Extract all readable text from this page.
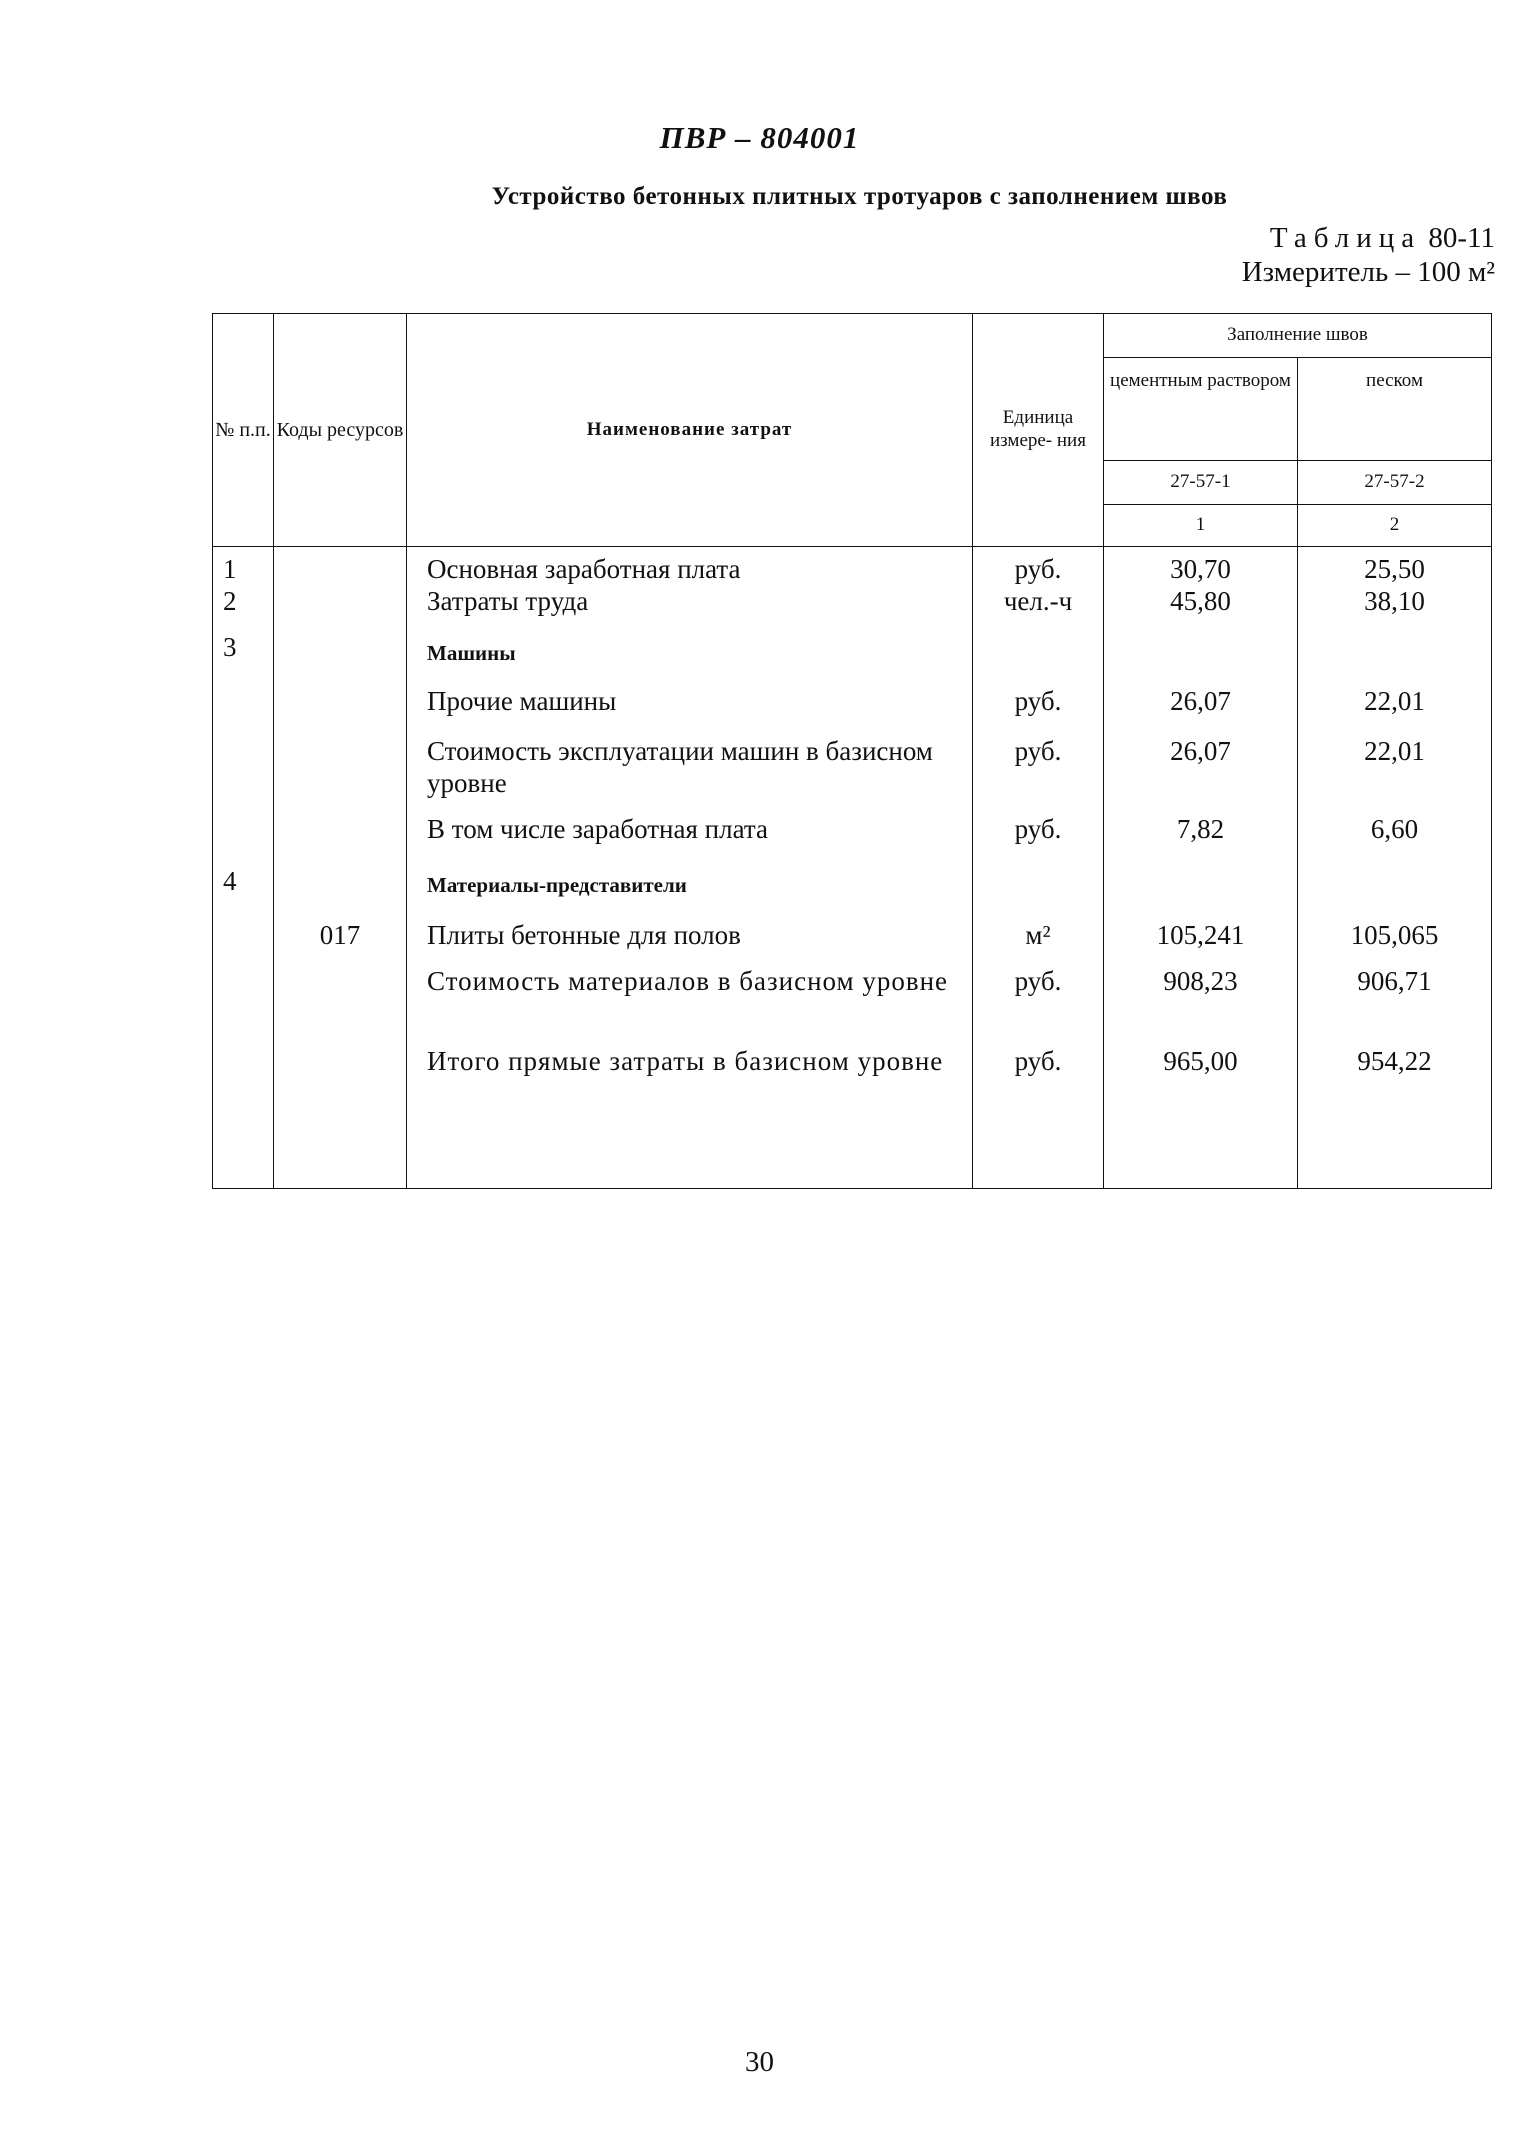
ПВР – 804001
Устройство бетонных плитных тротуаров с заполнением швов
Таблица 80-11
Измеритель – 100 м²
№ п.п.	Коды ресурсов	Наименование затрат	Единица измере- ния	Заполнение швов	
				цементным раствором	песком
				27-57-1	27-57-2
				1	2
1		Основная заработная плата	руб.	30,70	25,50
2		Затраты труда	чел.-ч	45,80	38,10
3		Машины			
		Прочие машины	руб.	26,07	22,01
		Стоимость эксплуатации машин в базисном уровне	руб.	26,07	22,01
		В том числе заработная плата	руб.	7,82	6,60
4		Материалы-представители			
	017	Плиты бетонные для полов	м²	105,241	105,065
		Стоимость материалов в базисном уровне	руб.	908,23	906,71
		Итого прямые затраты в базисном уровне	руб.	965,00	954,22
30
